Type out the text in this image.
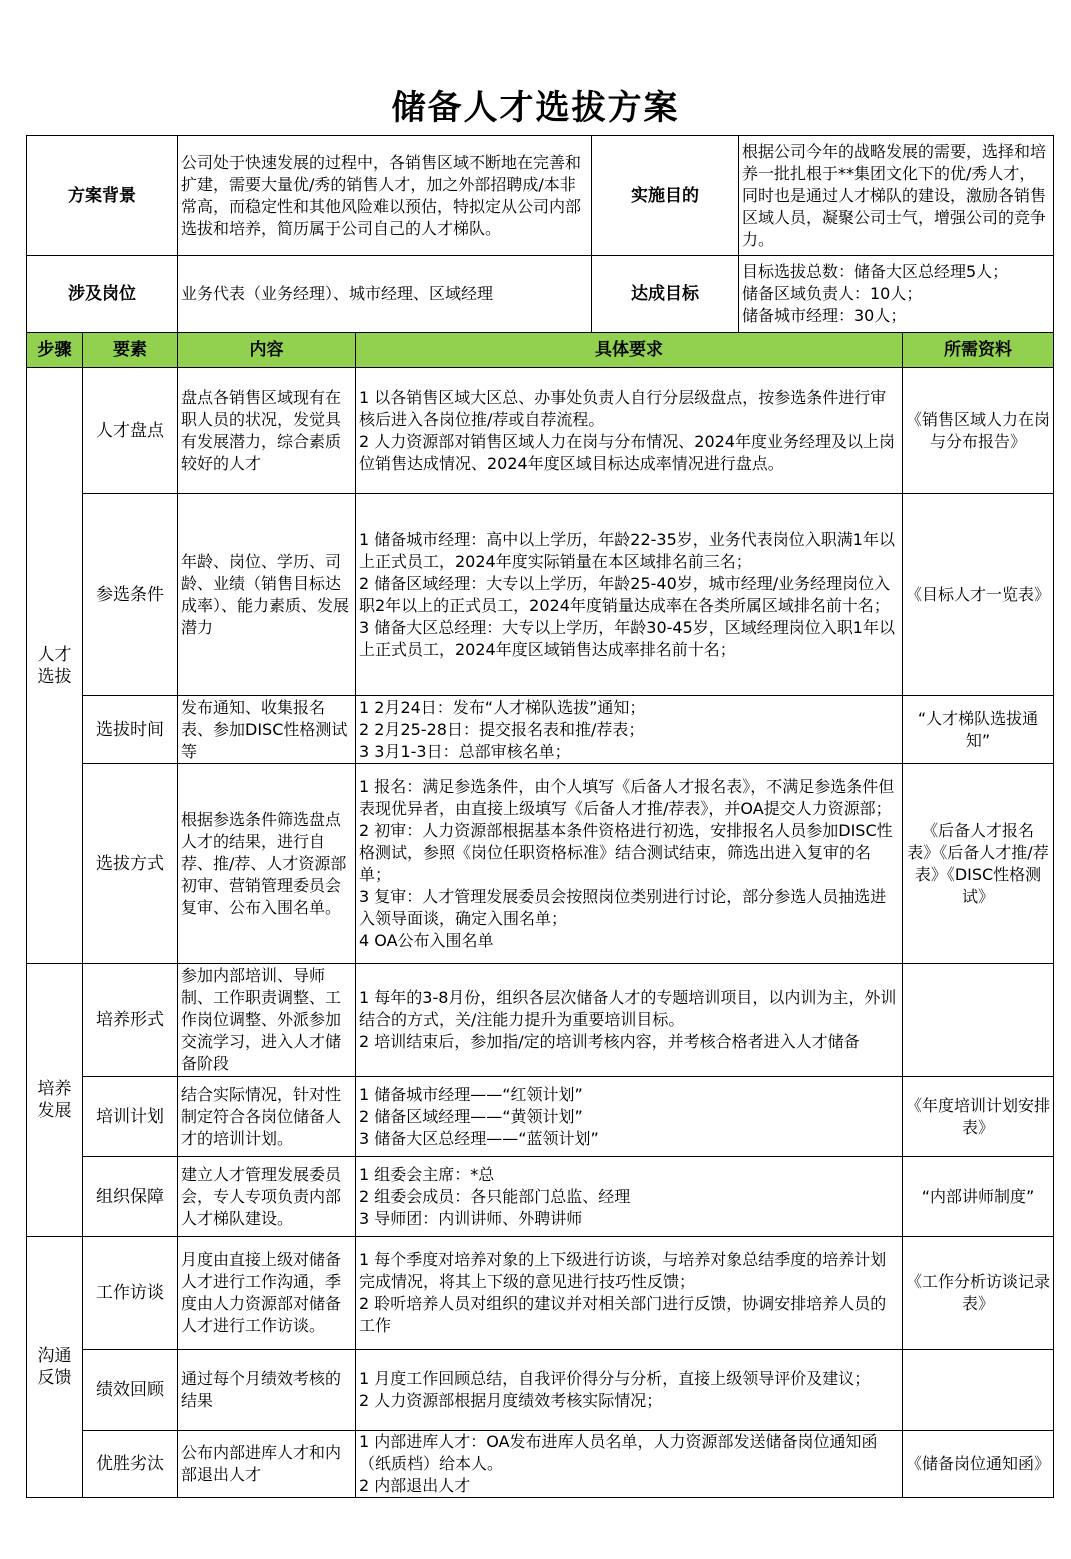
储备人才选拔方案
方案背景	公司处于快速发展的过程中，各销售区域不断地在完善和扩建，需要大量优/秀的销售人才，加之外部招聘成/本非常高，而稳定性和其他风险难以预估，特拟定从公司内部选拔和培养，简历属于公司自己的人才梯队。	实施目的	根据公司今年的战略发展的需要，选择和培养一批扎根于**集团文化下的优/秀人才，同时也是通过人才梯队的建设，激励各销售区域人员，凝聚公司士气，增强公司的竞争力。
涉及岗位	业务代表（业务经理）、城市经理、区域经理	达成目标	目标选拔总数：储备大区总经理5人；
储备区域负责人：10人；
储备城市经理：30人；
步骤	要素	内容	具体要求	所需资料
人才
选拔	人才盘点	盘点各销售区域现有在职人员的状况，发觉具有发展潜力，综合素质较好的人才	1 以各销售区域大区总、办事处负责人自行分层级盘点，按参选条件进行审核后进入各岗位推/荐或自荐流程。
2 人力资源部对销售区域人力在岗与分布情况、2024年度业务经理及以上岗位销售达成情况、2024年度区域目标达成率情况进行盘点。	《销售区域人力在岗与分布报告》
	参选条件	年龄、岗位、学历、司龄、业绩（销售目标达成率）、能力素质、发展潜力	1 储备城市经理：高中以上学历，年龄22-35岁，业务代表岗位入职满1年以上正式员工，2024年度实际销量在本区域排名前三名；
2 储备区域经理：大专以上学历，年龄25-40岁，城市经理/业务经理岗位入职2年以上的正式员工，2024年度销量达成率在各类所属区域排名前十名；
3 储备大区总经理：大专以上学历，年龄30-45岁，区域经理岗位入职1年以上正式员工，2024年度区域销售达成率排名前十名；	《目标人才一览表》
	选拔时间	发布通知、收集报名表、参加DISC性格测试等	1 2月24日：发布“人才梯队选拔”通知；
2 2月25-28日：提交报名表和推/荐表；
3 3月1-3日：总部审核名单；	“人才梯队选拔通知”
	选拔方式	根据参选条件筛选盘点人才的结果，进行自荐、推/荐、人才资源部初审、营销管理委员会复审、公布入围名单。	1 报名：满足参选条件，由个人填写《后备人才报名表》，不满足参选条件但表现优异者，由直接上级填写《后备人才推/荐表》，并OA提交人力资源部；
2 初审：人力资源部根据基本条件资格进行初选，安排报名人员参加DISC性格测试，参照《岗位任职资格标准》结合测试结束，筛选出进入复审的名单；
3 复审：人才管理发展委员会按照岗位类别进行讨论，部分参选人员抽选进入领导面谈，确定入围名单；
4 OA公布入围名单	《后备人才报名表》《后备人才推/荐表》《DISC性格测试》
培养
发展	培养形式	参加内部培训、导师制、工作职责调整、工作岗位调整、外派参加交流学习，进入人才储备阶段	1 每年的3-8月份，组织各层次储备人才的专题培训项目，以内训为主，外训结合的方式，关/注能力提升为重要培训目标。
2 培训结束后，参加指/定的培训考核内容，并考核合格者进入人才储备	

	培训计划	结合实际情况，针对性制定符合各岗位储备人才的培训计划。	1 储备城市经理——“红领计划”
2 储备区域经理——“黄领计划”
3 储备大区总经理——“蓝领计划”	《年度培训计划安排表》
	组织保障	建立人才管理发展委员会，专人专项负责内部人才梯队建设。	1 组委会主席：*总
2 组委会成员：各只能部门总监、经理
3 导师团：内训讲师、外聘讲师	“内部讲师制度”
沟通
反馈	工作访谈	月度由直接上级对储备人才进行工作沟通，季度由人力资源部对储备人才进行工作访谈。	1 每个季度对培养对象的上下级进行访谈，与培养对象总结季度的培养计划完成情况，将其上下级的意见进行技巧性反馈；
2 聆听培养人员对组织的建议并对相关部门进行反馈，协调安排培养人员的工作	《工作分析访谈记录表》
	绩效回顾	通过每个月绩效考核的结果	1 月度工作回顾总结，自我评价得分与分析，直接上级领导评价及建议；
2 人力资源部根据月度绩效考核实际情况；	

	优胜劣汰	公布内部进库人才和内部退出人才	1 内部进库人才：OA发布进库人员名单，人力资源部发送储备岗位通知函（纸质档）给本人。
2 内部退出人才	《储备岗位通知函》
